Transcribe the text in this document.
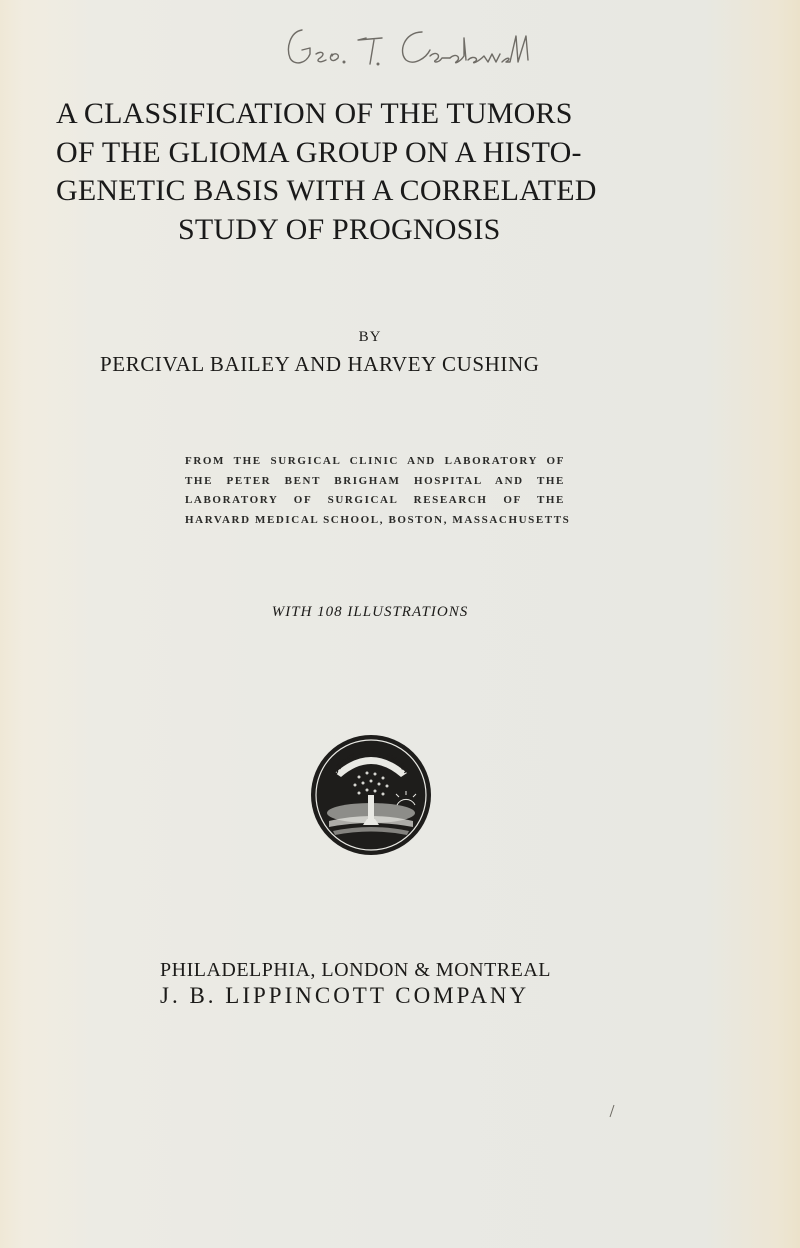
A CLASSIFICATION OF THE TUMORS
OF THE GLIOMA GROUP ON A HISTO-
GENETIC BASIS WITH A CORRELATED
STUDY OF PROGNOSIS
BY
PERCIVAL BAILEY AND HARVEY CUSHING
FROM THE SURGICAL CLINIC AND LABORATORY OF
THE PETER BENT BRIGHAM HOSPITAL AND THE
LABORATORY OF SURGICAL RESEARCH OF THE
HARVARD MEDICAL SCHOOL, BOSTON, MASSACHUSETTS
WITH 108 ILLUSTRATIONS
DROIT · ET · AVANT
PHILADELPHIA, LONDON & MONTREAL
J. B. LIPPINCOTT COMPANY
